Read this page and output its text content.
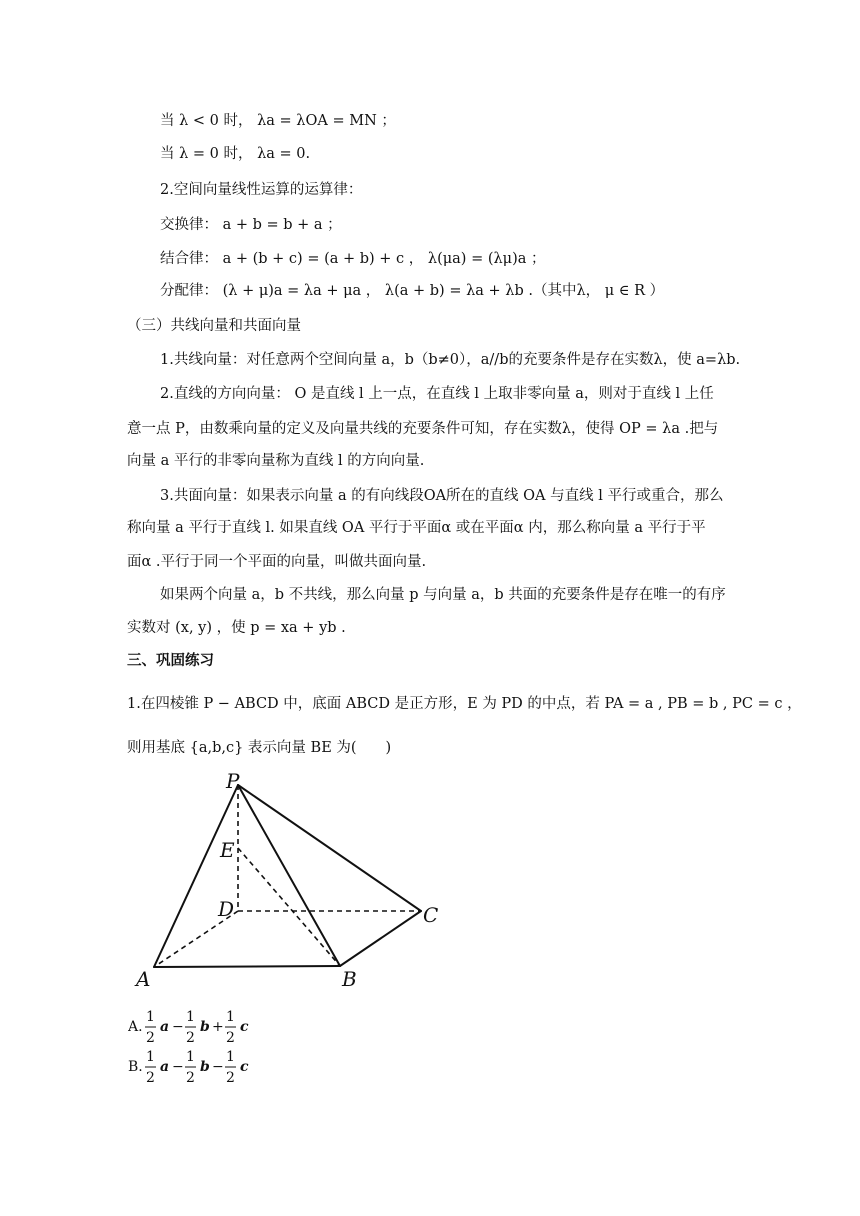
当 λ < 0 时， λa = λOA = MN ；
当 λ = 0 时， λa = 0.
2.空间向量线性运算的运算律：
交换律： a + b = b + a ；
结合律： a + (b + c) = (a + b) + c ， λ(μa) = (λμ)a ；
分配律： (λ + μ)a = λa + μa ， λ(a + b) = λa + λb .（其中λ， μ ∈ R ）
（三）共线向量和共面向量
1.共线向量：对任意两个空间向量 a，b（b≠0），a//b的充要条件是存在实数λ，使 a=λb.
2.直线的方向向量： O 是直线 l 上一点，在直线 l 上取非零向量 a，则对于直线 l 上任
意一点 P，由数乘向量的定义及向量共线的充要条件可知，存在实数λ，使得 OP = λa .把与
向量 a 平行的非零向量称为直线 l 的方向向量.
3.共面向量：如果表示向量 a 的有向线段OA所在的直线 OA 与直线 l 平行或重合，那么
称向量 a 平行于直线 l. 如果直线 OA 平行于平面α 或在平面α 内，那么称向量 a 平行于平
面α .平行于同一个平面的向量，叫做共面向量.
如果两个向量 a，b 不共线，那么向量 p 与向量 a，b 共面的充要条件是存在唯一的有序
实数对 (x, y) ，使 p = xa + yb .
三、巩固练习
1.在四棱锥 P − ABCD 中，底面 ABCD 是正方形，E 为 PD 的中点，若 PA = a , PB = b , PC = c ，
则用基底 {a,b,c} 表示向量 BE 为(　　)
P
E
D	C
A	B
A.
1
2
a −
1
2
b +
1
2
c
B.
1
2
a −
1
2
b −
1
2
c
